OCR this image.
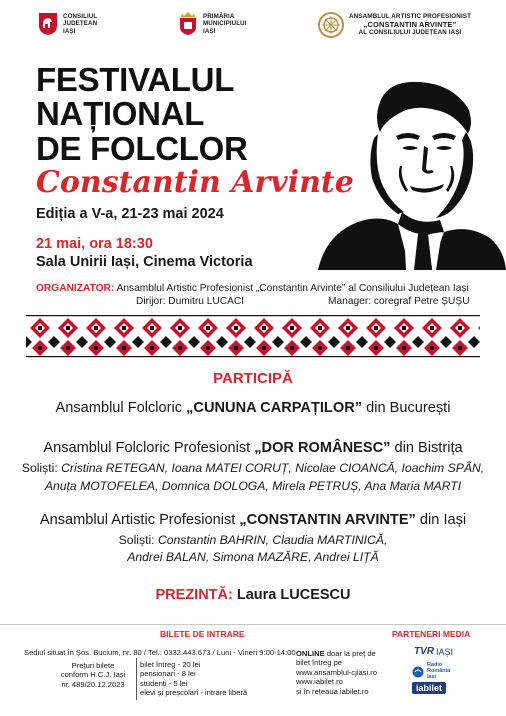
CONSILIUL
JUDEȚEAN
IAȘI
PRIMĂRIA
MUNICIPIULUI
IAȘI
ANSAMBLUL ARTISTIC PROFESIONIST
„CONSTANTIN ARVINTE”
AL CONSILIULUI JUDEȚEAN IAȘI
FESTIVALUL
NAȚIONAL
DE FOLCLOR
Constantin Arvinte
Ediția a V-a, 21-23 mai 2024
21 mai, ora 18:30
Sala Unirii Iași, Cinema Victoria
ORGANIZATOR: Ansamblul Artistic Profesionist „Constantin Arvinte” al Consiliului Județean Iași
Dirijor: Dumitru LUCACI	Manager: coregraf Petre ȘUȘU
PARTICIPĂ
Ansamblul Folcloric „CUNUNA CARPAȚILOR” din București
Ansamblul Folcloric Profesionist „DOR ROMÂNESC” din Bistrița
Soliști: Cristina RETEGAN, Ioana MATEI CORUȚ, Nicolae CIOANCĂ, Ioachim SPÂN,
Anuța MOTOFELEA, Domnica DOLOGA, Mirela PETRUȘ, Ana Maria MARTI
Ansamblul Artistic Profesionist „CONSTANTIN ARVINTE” din Iași
Soliști: Constantin BAHRIN, Claudia MARTINICĂ,
Andrei BALAN, Simona MAZĂRE, Andrei LIȚĂ
PREZINTĂ: Laura LUCESCU
BILETE DE INTRARE	PARTENERI MEDIA
Sediul situat în Șos. Bucium, nr. 80 / Tel.: 0332.443.673 / Luni - Vineri 9:00-14:00
Prețuri bilete
conform H.C.J. Iași
nr. 489/20.12.2023
bilet întreg - 20 lei
pensionari - 8 lei
studenți - 5 lei
elevi și preșcolari - intrare liberă
ONLINE doar la preț de
bilet întreg pe
www.ansamblul-cjiasi.ro
www.iabilet.ro
și în rețeaua iabilet.ro
TVR IAȘI
Radio
România
Iași
iabilet
